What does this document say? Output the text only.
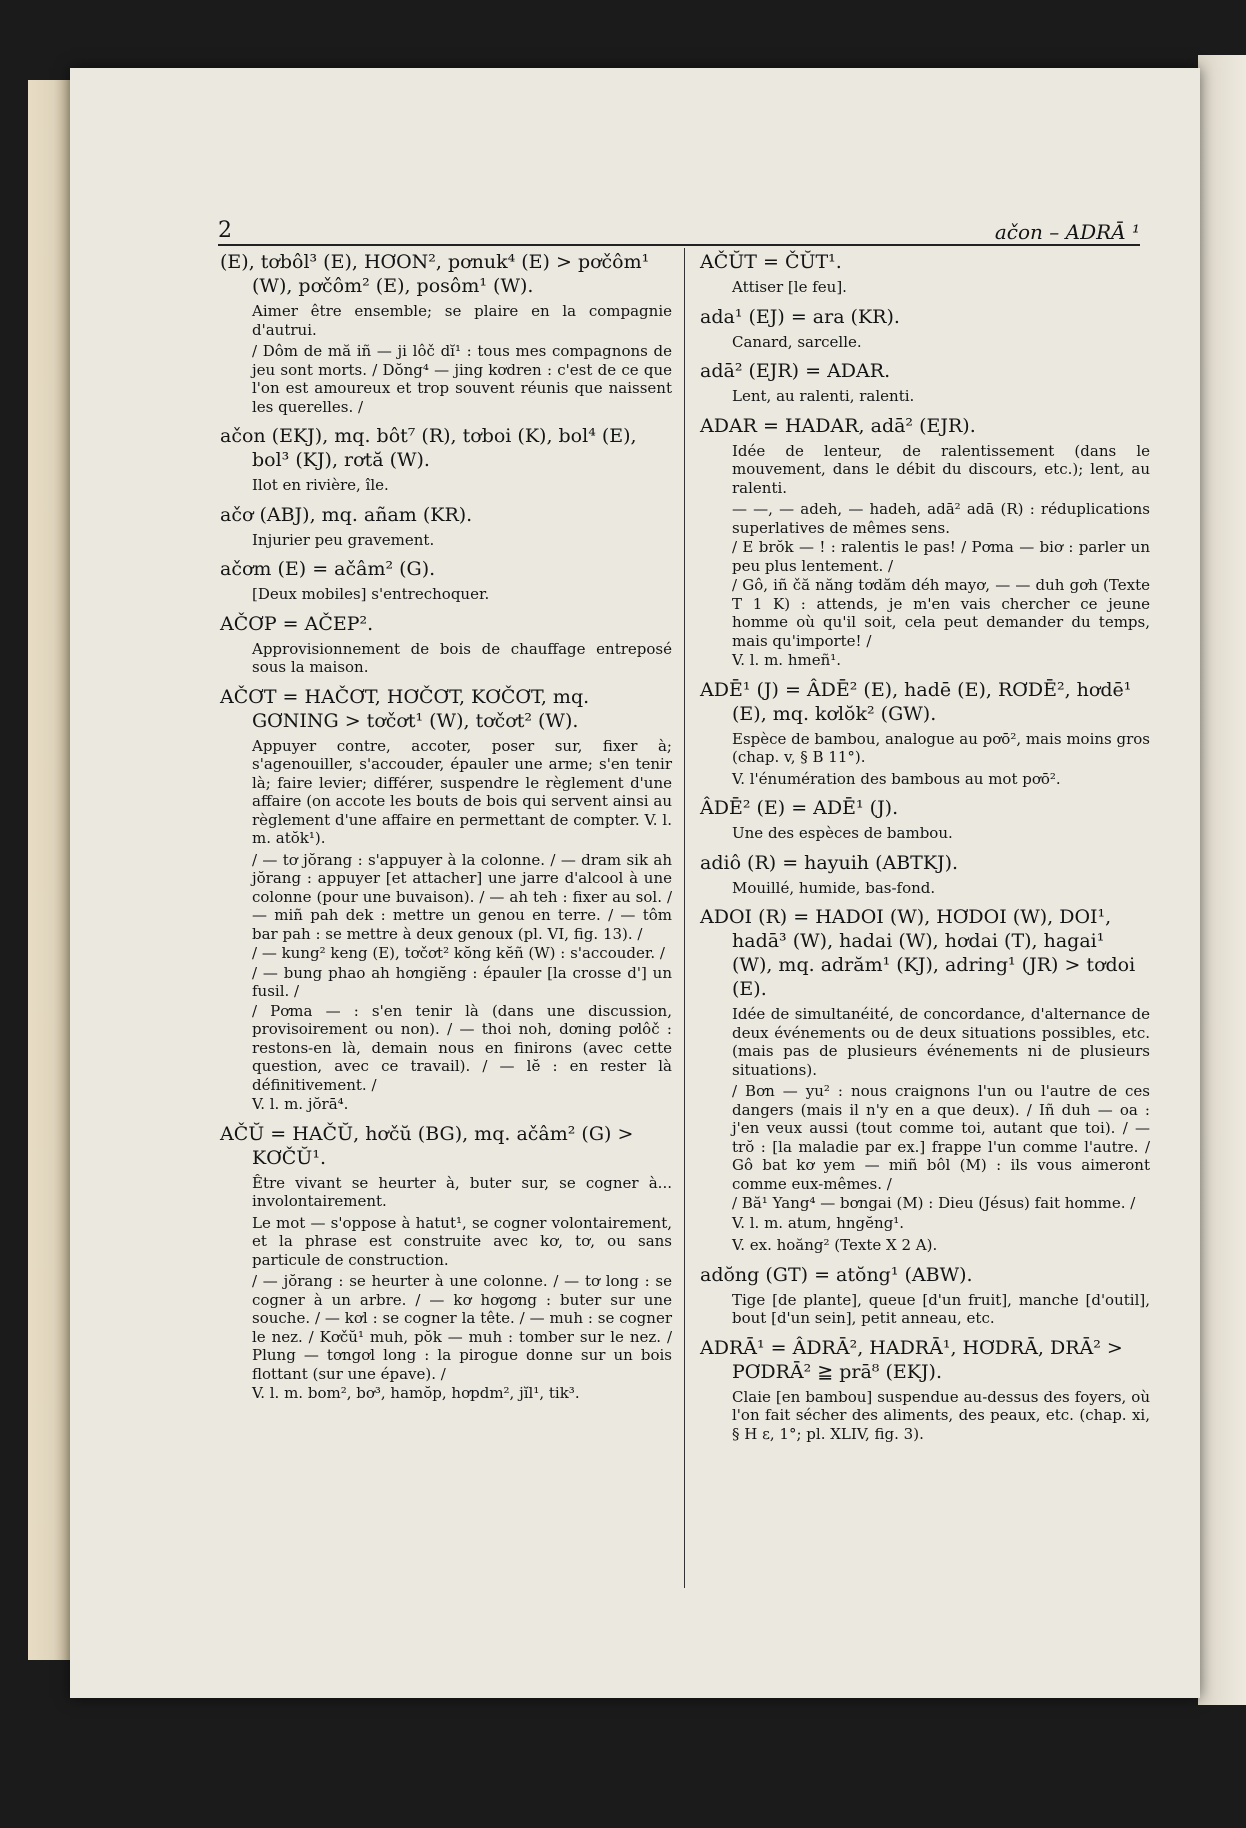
2	ačon – ADRĀ ¹

(E), tơbôl³ (E), HƠON², pơnuk⁴ (E) > pơčôm¹ (W), pơčôm² (E), posôm¹ (W).

Aimer être ensemble; se plaire en la compagnie d'autrui.

/ Dôm de mă iñ — ji lôč dĭ¹ : tous mes compagnons de jeu sont morts. / Dŏng⁴ — jing kơdren : c'est de ce que l'on est amoureux et trop souvent réunis que naissent les querelles. /

ačon (EKJ), mq. bôt⁷ (R), tơboi (K), bol⁴ (E), bol³ (KJ), rơtă (W).

Ilot en rivière, île.

ačơ (ABJ), mq. añam (KR).

Injurier peu gravement.

ačơm (E) = ačâm² (G).

[Deux mobiles] s'entrechoquer.

AČƠP = AČEP².

Approvisionnement de bois de chauffage entreposé sous la maison.

AČƠT = HAČƠT, HƠČƠT, KƠČƠT, mq. GƠNING > tơčơt¹ (W), tơčơt² (W).

Appuyer contre, accoter, poser sur, fixer à; s'agenouiller, s'accouder, épauler une arme; s'en tenir là; faire levier; différer, suspendre le règlement d'une affaire (on accote les bouts de bois qui servent ainsi au règlement d'une affaire en permettant de compter. V. l. m. atŏk¹).

/ — tơ jŏrang : s'appuyer à la colonne. / — dram sik ah jŏrang : appuyer [et attacher] une jarre d'alcool à une colonne (pour une buvaison). / — ah teh : fixer au sol. / — miñ pah dek : mettre un genou en terre. / — tôm bar pah : se mettre à deux genoux (pl. VI, fig. 13). /

/ — kung² keng (E), tơčơt² kŏng kĕñ (W) : s'accouder. /

/ — bung phao ah hơngiĕng : épauler [la crosse d'] un fusil. /

/ Pơma — : s'en tenir là (dans une discussion, provisoirement ou non). / — thoi noh, dơning pơlôč : restons-en là, demain nous en finirons (avec cette question, avec ce travail). / — lĕ : en rester là définitivement. /

V. l. m. jŏrā⁴.

AČŬ = HAČŬ, hơčŭ (BG), mq. ačâm² (G) > KƠČŬ¹.

Être vivant se heurter à, buter sur, se cogner à... involontairement.

Le mot — s'oppose à hatut¹, se cogner volontairement, et la phrase est construite avec kơ, tơ, ou sans particule de construction.

/ — jŏrang : se heurter à une colonne. / — tơ long : se cogner à un arbre. / — kơ hơgơng : buter sur une souche. / — kơl : se cogner la tête. / — muh : se cogner le nez. / Kơčŭ¹ muh, pŏk — muh : tomber sur le nez. / Plung — tơngơl long : la pirogue donne sur un bois flottant (sur une épave). /

V. l. m. bom², bơ³, hamŏp, hơpdm², jĭl¹, tik³.

AČŬT = ČŬT¹.

Attiser [le feu].

ada¹ (EJ) = ara (KR).

Canard, sarcelle.

adā² (EJR) = ADAR.

Lent, au ralenti, ralenti.

ADAR = HADAR, adā² (EJR).

Idée de lenteur, de ralentissement (dans le mouvement, dans le débit du discours, etc.); lent, au ralenti.

— —, — adeh, — hadeh, adā² adā (R) : réduplications superlatives de mêmes sens.

/ E brŏk — ! : ralentis le pas! / Pơma — biơ : parler un peu plus lentement. /

/ Gô, iñ čă năng tơdăm déh mayơ, — — duh gơh (Texte T 1 K) : attends, je m'en vais chercher ce jeune homme où qu'il soit, cela peut demander du temps, mais qu'importe! /

V. l. m. hmeñ¹.

ADĒ¹ (J) = ÂDĒ² (E), hadē (E), RƠDĒ², hơdē¹ (E), mq. kơlŏk² (GW).

Espèce de bambou, analogue au pơō², mais moins gros (chap. v, § B 11°).

V. l'énumération des bambous au mot pơō².

ÂDĒ² (E) = ADĒ¹ (J).

Une des espèces de bambou.

adiô (R) = hayuih (ABTKJ).

Mouillé, humide, bas-fond.

ADOI (R) = HADOI (W), HƠDOI (W), DOI¹, hadā³ (W), hadai (W), hơdai (T), hagai¹ (W), mq. adrăm¹ (KJ), adring¹ (JR) > tơdoi (E).

Idée de simultanéité, de concordance, d'alternance de deux événements ou de deux situations possibles, etc. (mais pas de plusieurs événements ni de plusieurs situations).

/ Bơn — yu² : nous craignons l'un ou l'autre de ces dangers (mais il n'y en a que deux). / Iñ duh — oa : j'en veux aussi (tout comme toi, autant que toi). / — trŏ : [la maladie par ex.] frappe l'un comme l'autre. / Gô bat kơ yem — miñ bôl (M) : ils vous aimeront comme eux-mêmes. /

/ Bă¹ Yang⁴ — bơngai (M) : Dieu (Jésus) fait homme. /

V. l. m. atum, hngĕng¹.

V. ex. hoăng² (Texte X 2 A).

adŏng (GT) = atŏng¹ (ABW).

Tige [de plante], queue [d'un fruit], manche [d'outil], bout [d'un sein], petit anneau, etc.

ADRĀ¹ = ÂDRĀ², HADRĀ¹, HƠDRĀ, DRĀ² > PƠDRĀ² ≧ prā⁸ (EKJ).

Claie [en bambou] suspendue au-dessus des foyers, où l'on fait sécher des aliments, des peaux, etc. (chap. xi, § H ε, 1°; pl. XLIV, fig. 3).
